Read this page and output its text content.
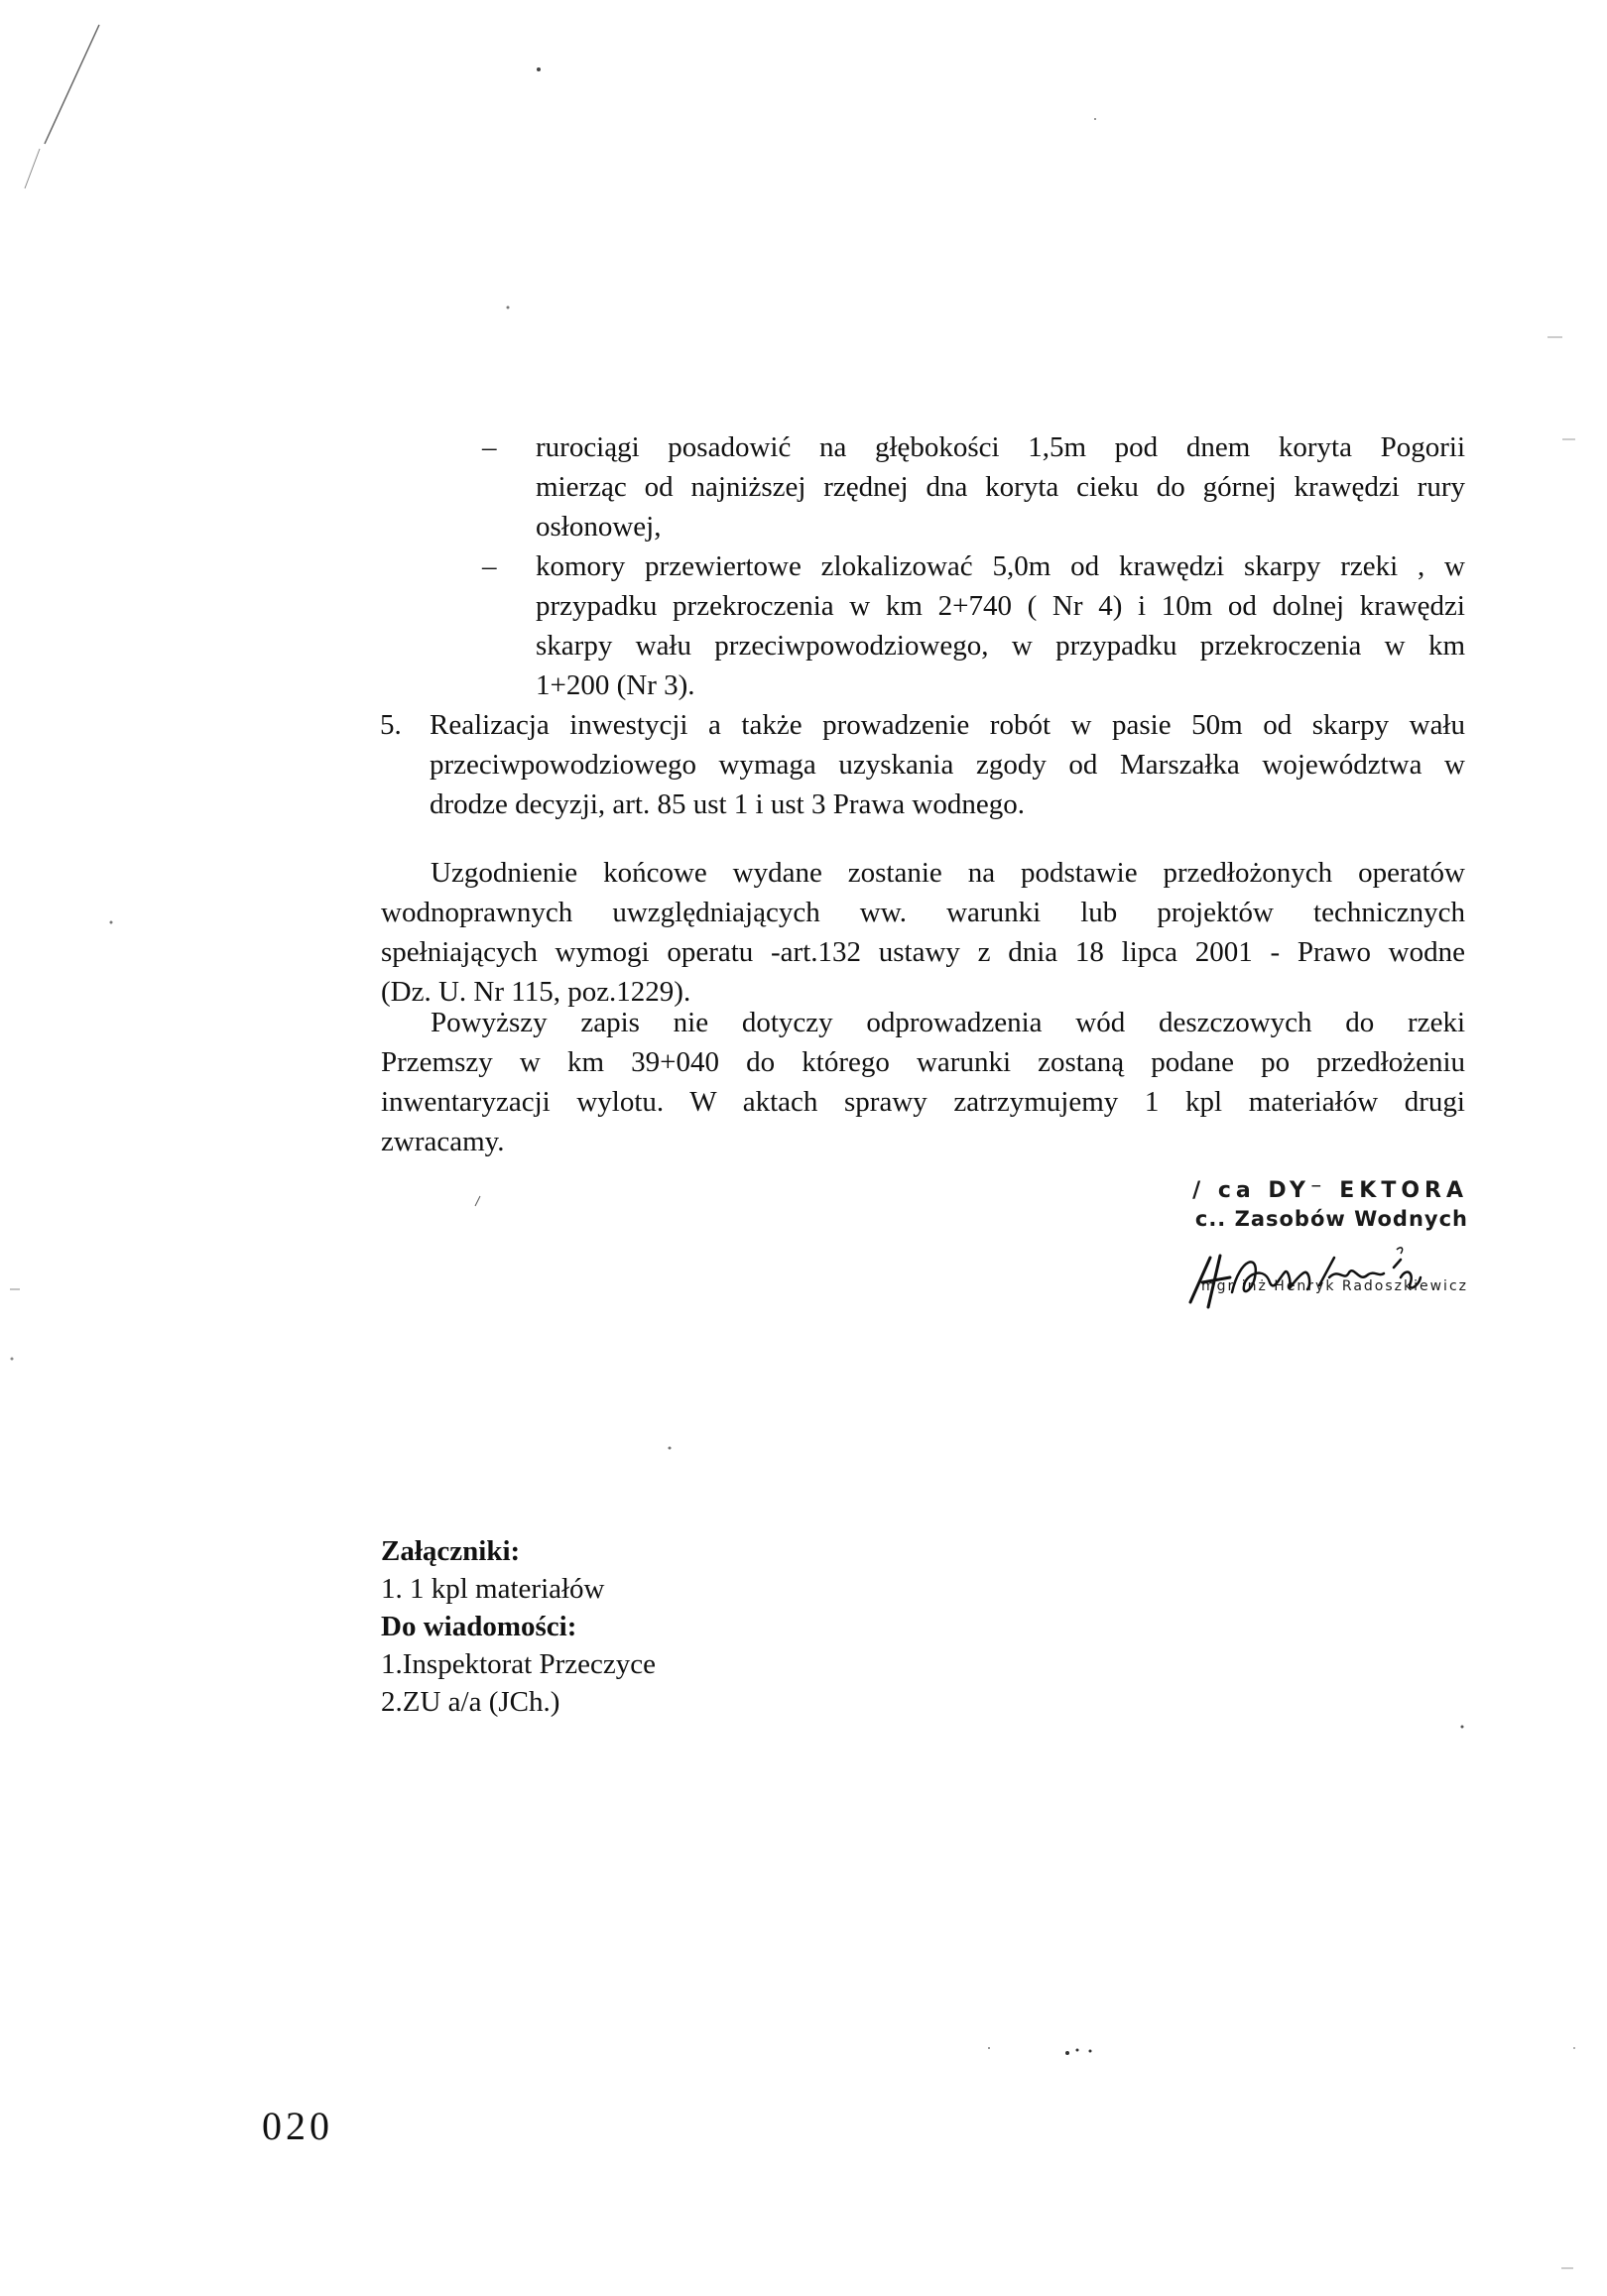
– rurociągi posadowić na głębokości 1,5m pod dnem koryta Pogorii
mierząc od najniższej rzędnej dna koryta cieku do górnej krawędzi rury
osłonowej,
– komory przewiertowe zlokalizować 5,0m od krawędzi skarpy rzeki , w
przypadku przekroczenia w km 2+740 ( Nr 4) i 10m od dolnej krawędzi
skarpy wału przeciwpowodziowego, w przypadku przekroczenia w km
1+200 (Nr 3).
5. Realizacja inwestycji a także prowadzenie robót w pasie 50m od skarpy wału
przeciwpowodziowego wymaga uzyskania zgody od Marszałka województwa w
drodze decyzji, art. 85 ust 1 i ust 3 Prawa wodnego.
Uzgodnienie końcowe wydane zostanie na podstawie przedłożonych operatów
wodnoprawnych uwzględniających ww. warunki lub projektów technicznych
spełniających wymogi operatu -art.132 ustawy z dnia 18 lipca 2001 - Prawo wodne
(Dz. U. Nr 115, poz.1229).
Powyższy zapis nie dotyczy odprowadzenia wód deszczowych do rzeki
Przemszy w km 39+040 do którego warunki zostaną podane po przedłożeniu
inwentaryzacji wylotu. W aktach sprawy zatrzymujemy 1 kpl materiałów drugi
zwracamy.
/ ca DY⁻ EKTORA
c.. Zasobów Wodnych
mgr inż Henryk Radoszkiewicz
Załączniki:
1. 1 kpl materiałów
Do wiadomości:
1.Inspektorat Przeczyce
2.ZU a/a (JCh.)
020
